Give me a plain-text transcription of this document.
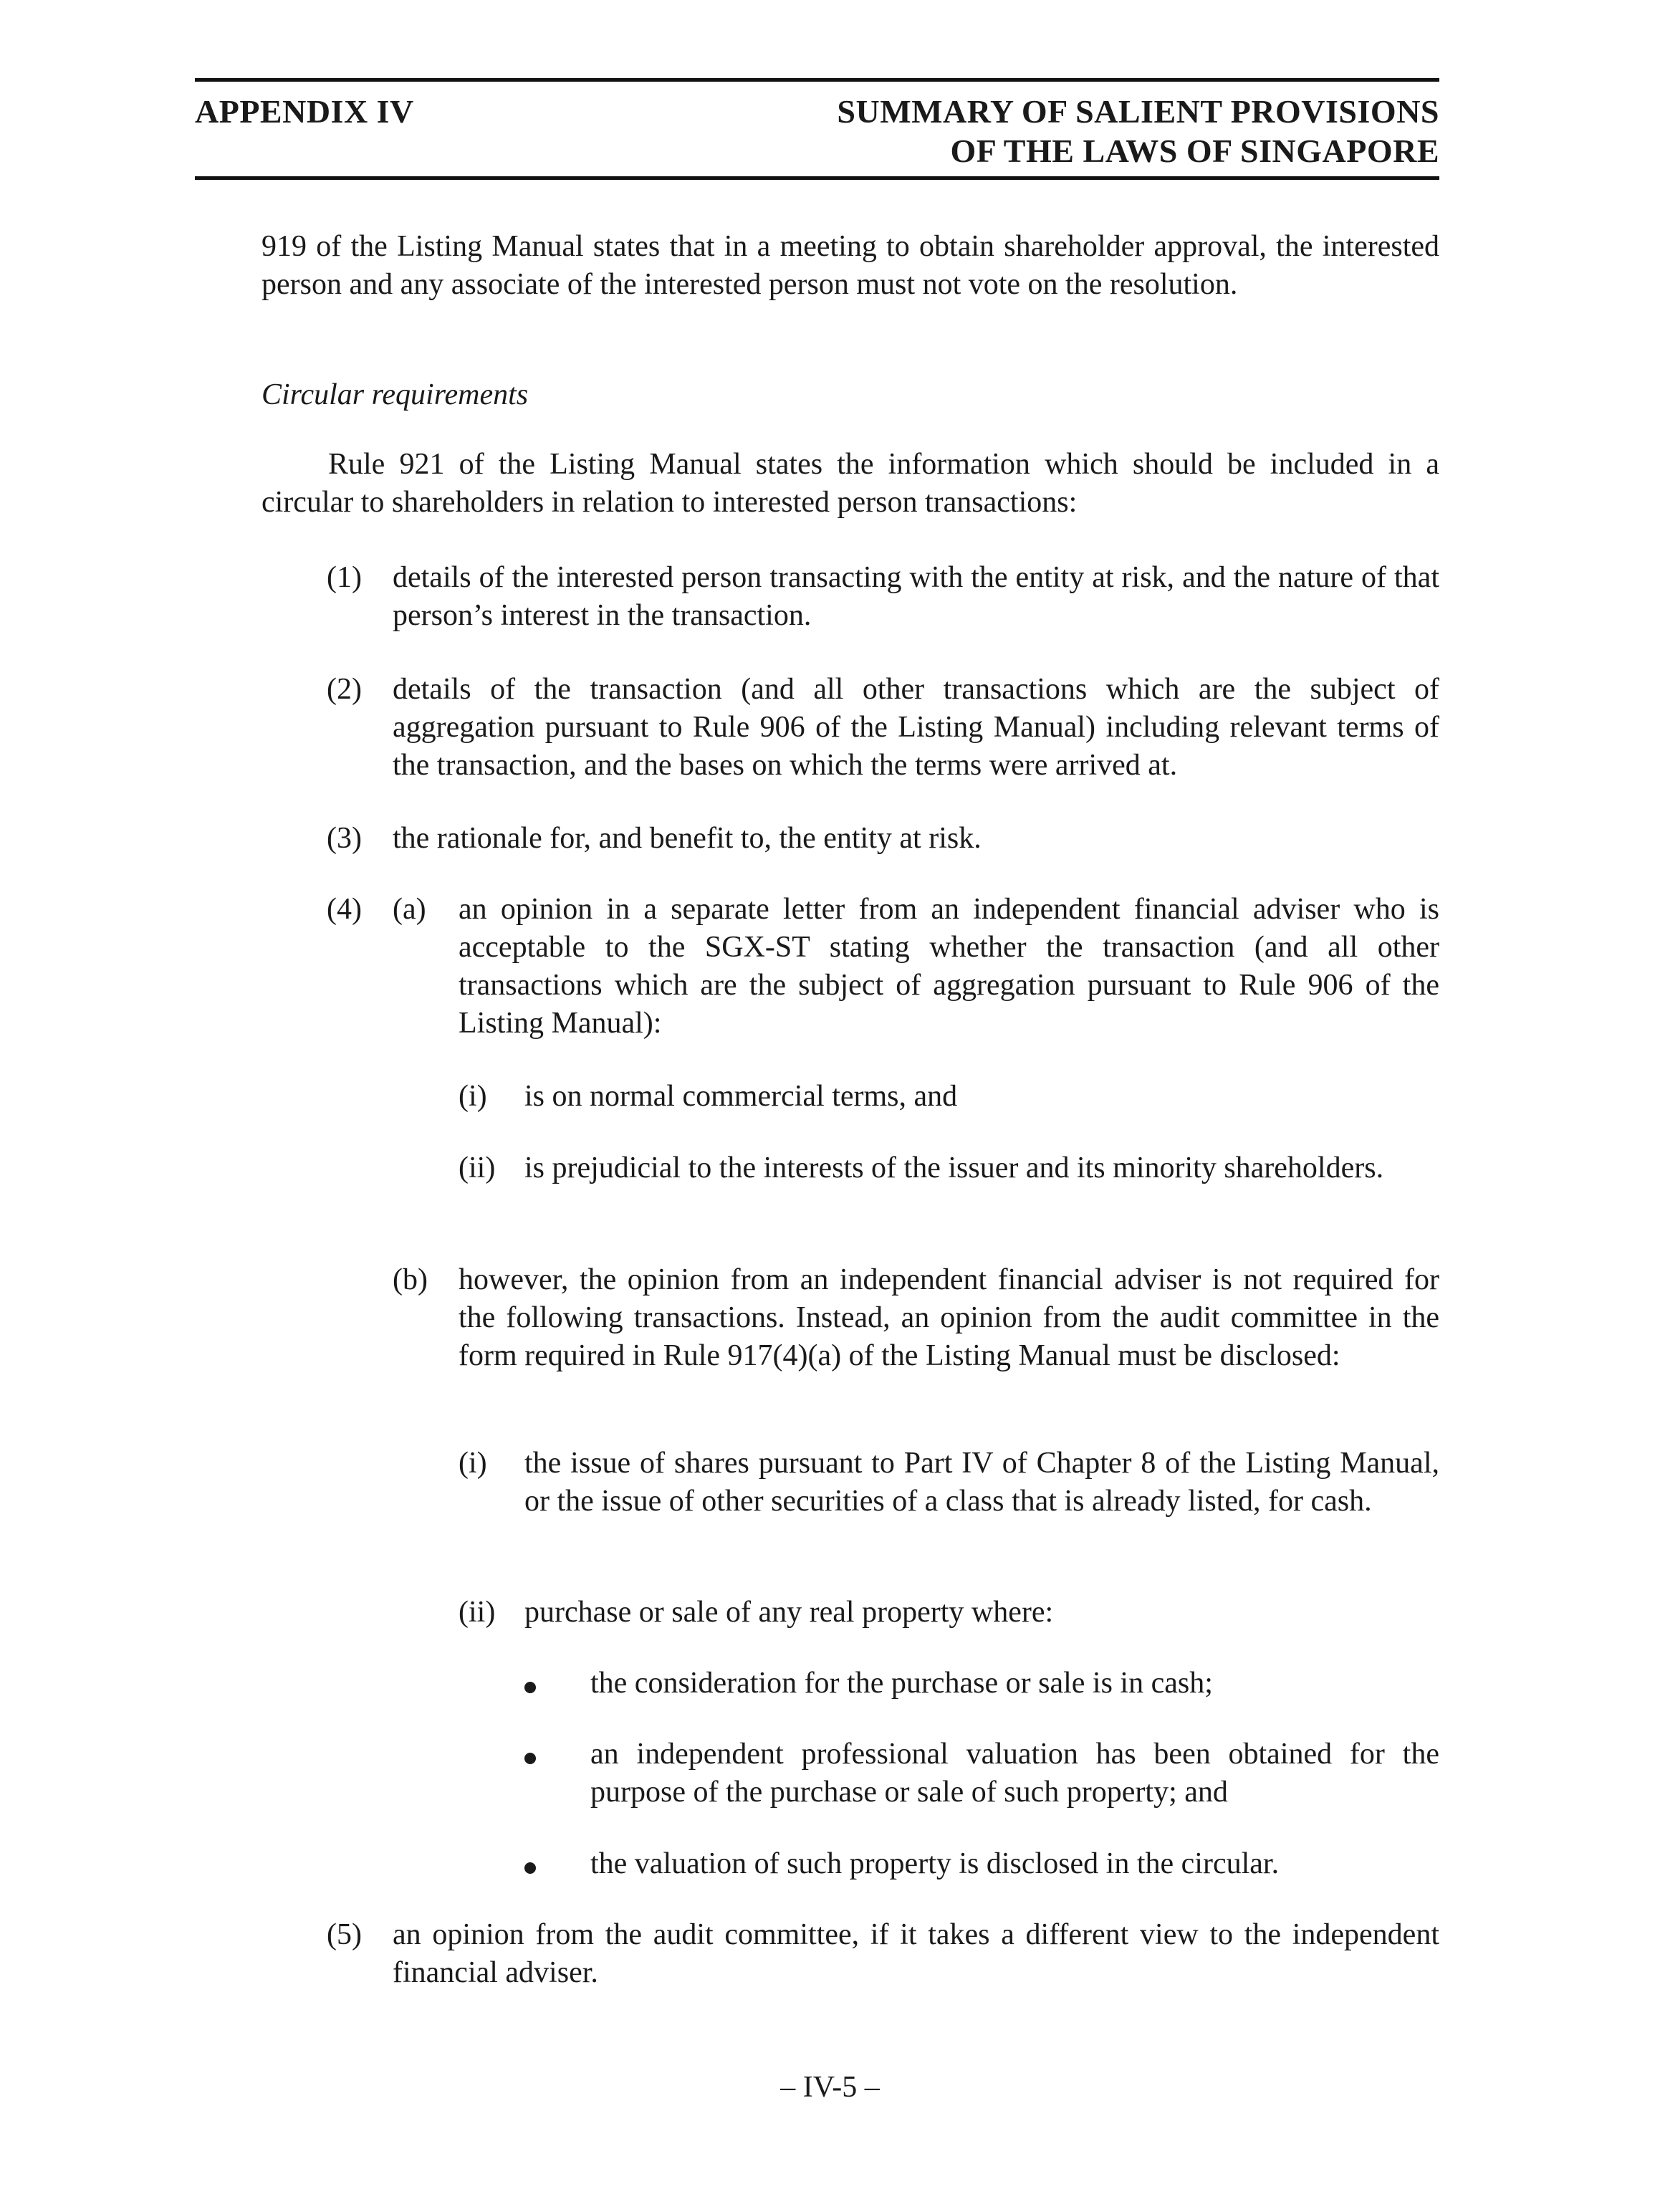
APPENDIX IV	SUMMARY OF SALIENT PROVISIONS
OF THE LAWS OF SINGAPORE
919 of the Listing Manual states that in a meeting to obtain shareholder approval, the interested person and any associate of the interested person must not vote on the resolution.
Circular requirements
Rule 921 of the Listing Manual states the information which should be included in a circular to shareholders in relation to interested person transactions:
(1) details of the interested person transacting with the entity at risk, and the nature of that person’s interest in the transaction.
(2) details of the transaction (and all other transactions which are the subject of aggregation pursuant to Rule 906 of the Listing Manual) including relevant terms of the transaction, and the bases on which the terms were arrived at.
(3) the rationale for, and benefit to, the entity at risk.
(4) (a) an opinion in a separate letter from an independent financial adviser who is acceptable to the SGX-ST stating whether the transaction (and all other transactions which are the subject of aggregation pursuant to Rule 906 of the Listing Manual):
(i) is on normal commercial terms, and
(ii) is prejudicial to the interests of the issuer and its minority shareholders.
(b) however, the opinion from an independent financial adviser is not required for the following transactions. Instead, an opinion from the audit committee in the form required in Rule 917(4)(a) of the Listing Manual must be disclosed:
(i) the issue of shares pursuant to Part IV of Chapter 8 of the Listing Manual, or the issue of other securities of a class that is already listed, for cash.
(ii) purchase or sale of any real property where:
the consideration for the purchase or sale is in cash;
an independent professional valuation has been obtained for the purpose of the purchase or sale of such property; and
the valuation of such property is disclosed in the circular.
(5) an opinion from the audit committee, if it takes a different view to the independent financial adviser.
– IV-5 –
